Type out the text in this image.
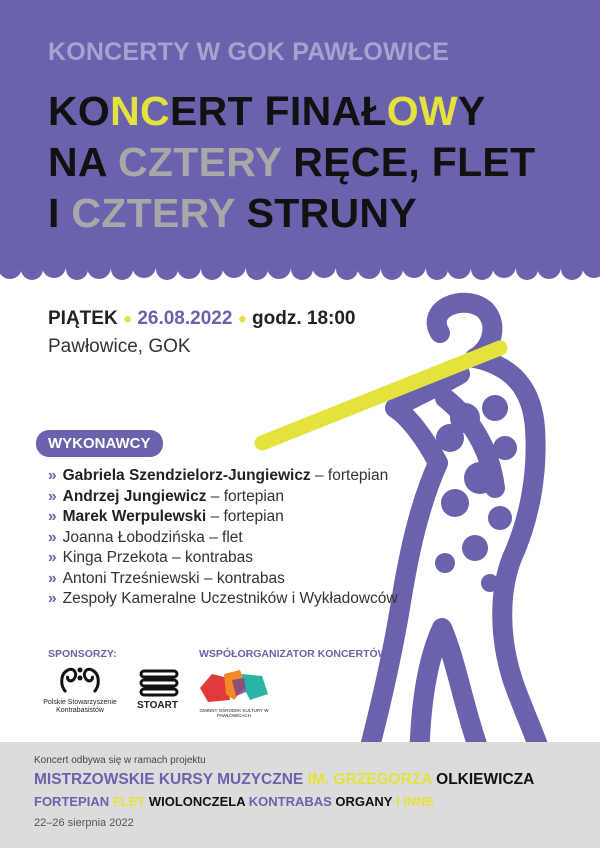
KONCERTY W GOK PAWŁOWICE
KONCERT FINAŁOWY
NA CZTERY RĘCE, FLET
I CZTERY STRUNY
PIĄTEK ● 26.08.2022 ● godz. 18:00
Pawłowice, GOK
WYKONAWCY
» Gabriela Szendzielorz-Jungiewicz – fortepian
» Andrzej Jungiewicz – fortepian
» Marek Werpulewski – fortepian
» Joanna Łobodzińska – flet
» Kinga Przekota – kontrabas
» Antoni Trześniewski – kontrabas
» Zespoły Kameralne Uczestników i Wykładowców
SPONSORZY:
Polskie Stowarzyszenie Kontrabasistów	STOART
WSPÓŁORGANIZATOR KONCERTÓW:
GMINNY OŚRODEK KULTURY W PAWŁOWICACH
Koncert odbywa się w ramach projektu
MISTRZOWSKIE KURSY MUZYCZNE IM. GRZEGORZA OLKIEWICZA
FORTEPIAN FLET WIOLONCZELA KONTRABAS ORGANY I INNE
22–26 sierpnia 2022
